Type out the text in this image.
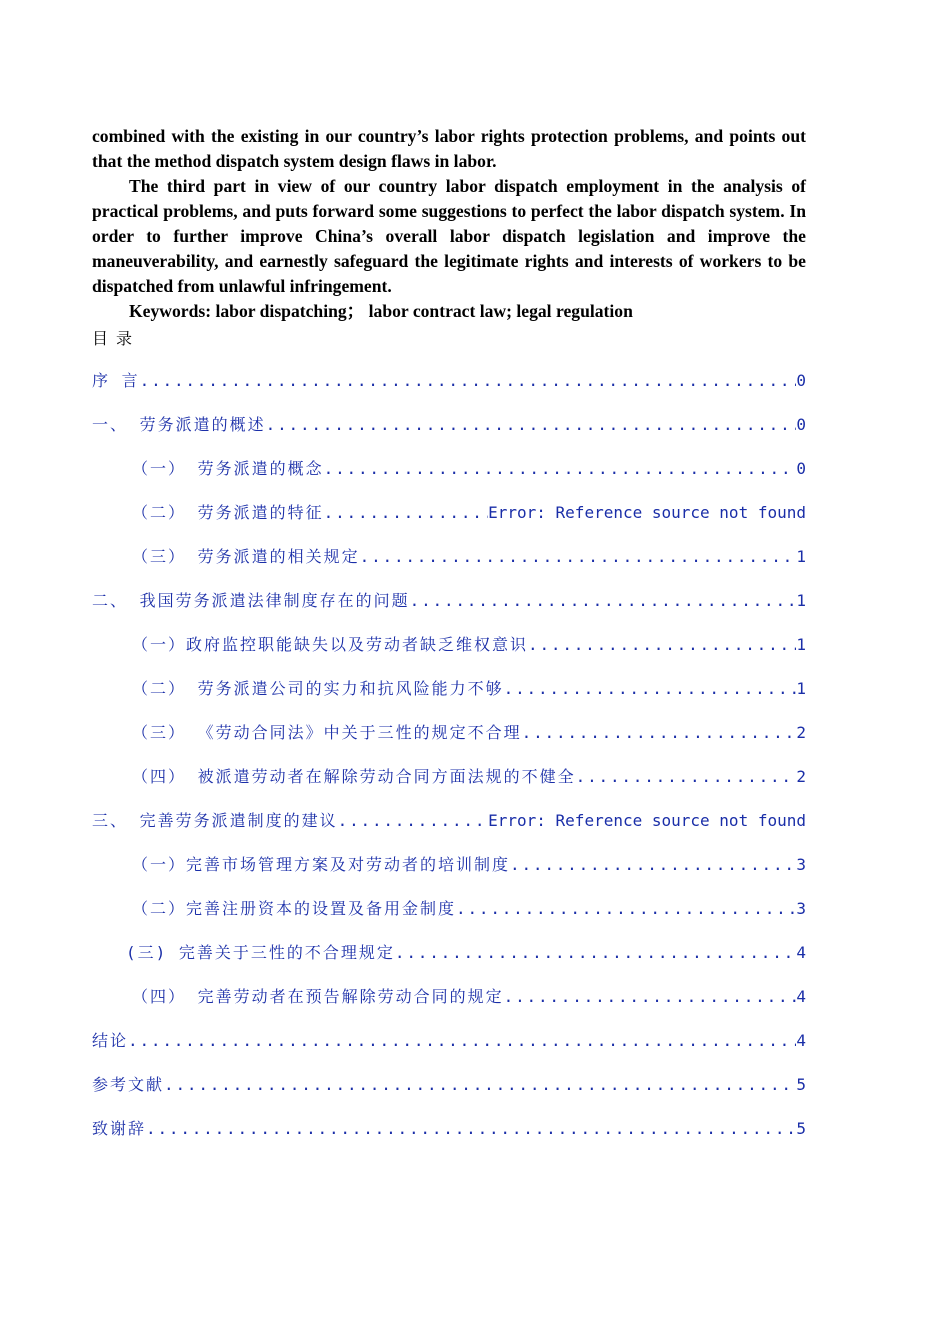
combined with the existing in our country’s labor rights protection problems, and points out that the method dispatch system design flaws in labor.

The third part in view of our country labor dispatch employment in the analysis of practical problems, and puts forward some suggestions to perfect the labor dispatch system. In order to further improve China’s overall labor dispatch legislation and improve the maneuverability, and earnestly safeguard the legitimate rights and interests of workers to be dispatched from unlawful infringement.

Keywords: labor dispatching； labor contract law; legal regulation

目录
序 言 .....	0
一、 劳务派遣的概述 .....	0
（一） 劳务派遣的概念 .....	0
（二） 劳务派遣的特征 .....	Error: Reference source not found
（三） 劳务派遣的相关规定 .....	1
二、 我国劳务派遣法律制度存在的问题 .....	1
（一）政府监控职能缺失以及劳动者缺乏维权意识 .....	1
（二） 劳务派遣公司的实力和抗风险能力不够 .....	1
（三） 《劳动合同法》中关于三性的规定不合理 .....	2
（四） 被派遣劳动者在解除劳动合同方面法规的不健全 .....	2
三、 完善劳务派遣制度的建议 .....	Error: Reference source not found
（一）完善市场管理方案及对劳动者的培训制度 .....	3
（二）完善注册资本的设置及备用金制度 .....	3
(三) 完善关于三性的不合理规定 .....	4
（四） 完善劳动者在预告解除劳动合同的规定 .....	4
结论 .....	4
参考文献 .....	5
致谢辞 .....	5
